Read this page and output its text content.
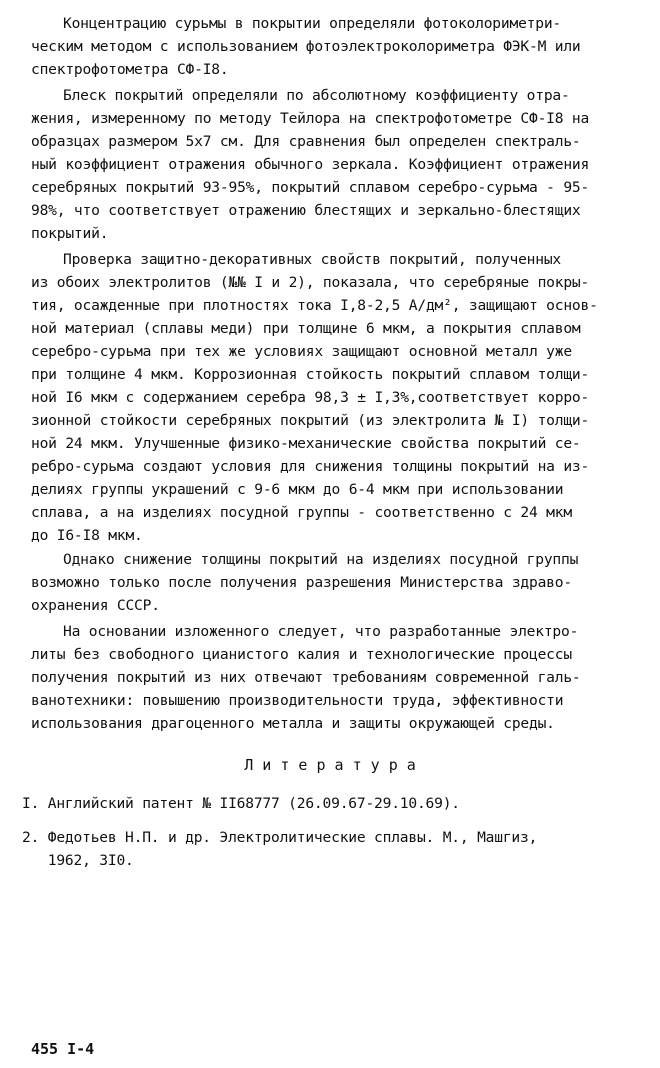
Концентрацию сурьмы в покрытии определяли фотоколориметри-
ческим методом с использованием фотоэлектроколориметра ФЭК-М или
спектрофотометра СФ-I8.
Блеск покрытий определяли по абсолютному коэффициенту отра-
жения, измеренному по методу Тейлора на спектрофотометре СФ-I8 на
образцах размером 5х7 см. Для сравнения был определен спектраль-
ный коэффициент отражения обычного зеркала. Коэффициент отражения
серебряных покрытий 93-95%, покрытий сплавом серебро-сурьма - 95-
98%, что соответствует отражению блестящих и зеркально-блестящих
покрытий.
Проверка защитно-декоративных свойств покрытий, полученных
из обоих электролитов (№№ I и 2), показала, что серебряные покры-
тия, осажденные при плотностях тока I,8-2,5 А/дм², защищают основ-
ной материал (сплавы меди) при толщине 6 мкм, а покрытия сплавом
серебро-сурьма при тех же условиях защищают основной металл уже
при толщине 4 мкм. Коррозионная стойкость покрытий сплавом толщи-
ной I6 мкм с содержанием серебра 98,3 ± I,3%,соответствует корро-
зионной стойкости серебряных покрытий (из электролита № I) толщи-
ной 24 мкм. Улучшенные физико-механические свойства покрытий се-
ребро-сурьма создают условия для снижения толщины покрытий на из-
делиях группы украшений с 9-6 мкм до 6-4 мкм при использовании
сплава, а на изделиях посудной группы - соответственно с 24 мкм
до I6-I8 мкм.
Однако снижение толщины покрытий на изделиях посудной группы
возможно только после получения разрешения Министерства здраво-
охранения СССР.
На основании изложенного следует, что разработанные электро-
литы без свободного цианистого калия и технологические процессы
получения покрытий из них отвечают требованиям современной галь-
ванотехники: повышению производительности труда, эффективности
использования драгоценного металла и защиты окружающей среды.
Л и т е р а т у р а
I. Английский патент № II68777 (26.09.67-29.10.69).
2. Федотьев Н.П. и др. Электролитические сплавы. М., Машгиз,
1962, 3I0.
455 I-4
